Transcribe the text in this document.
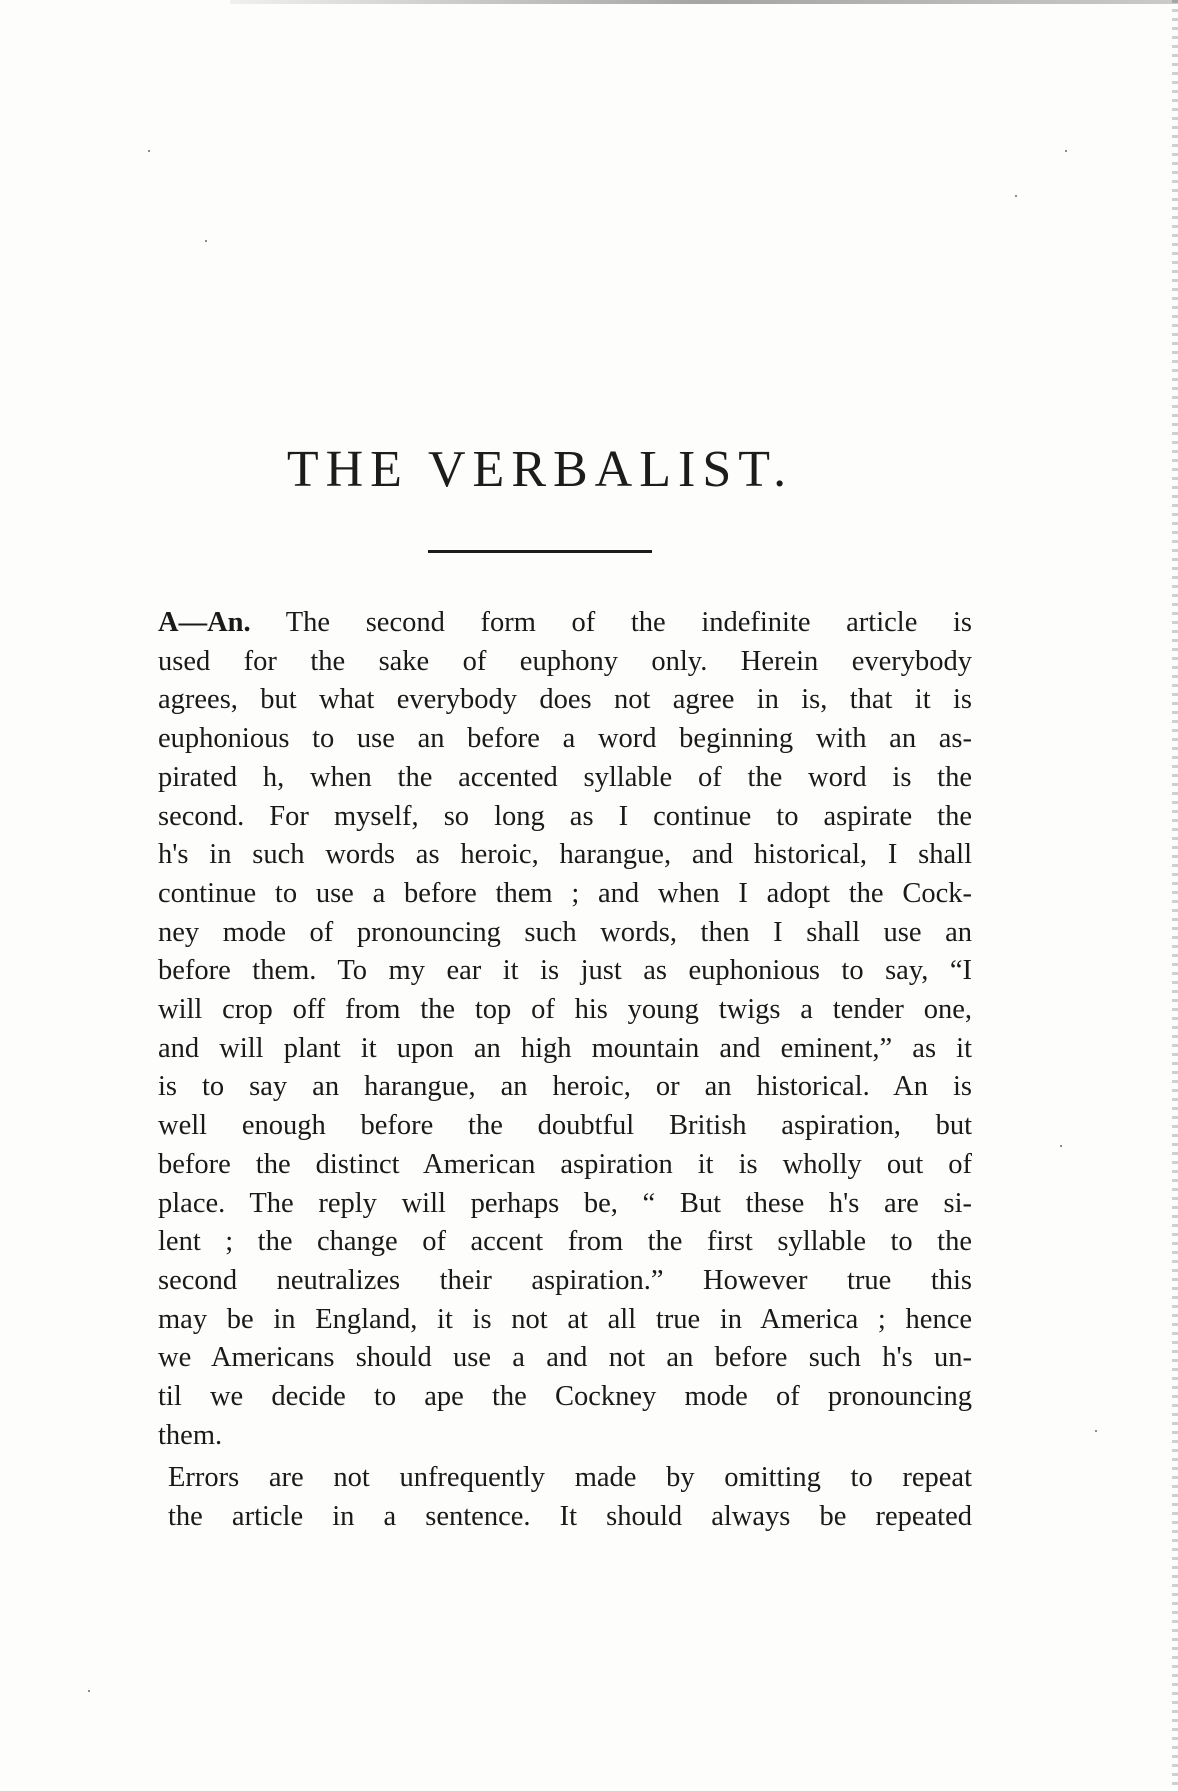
THE VERBALIST.

A—An. The second form of the indefinite article is
used for the sake of euphony only. Herein everybody
agrees, but what everybody does not agree in is, that it is
euphonious to use an before a word beginning with an as-
pirated h, when the accented syllable of the word is the
second. For myself, so long as I continue to aspirate the
h's in such words as heroic, harangue, and historical, I shall
continue to use a before them ; and when I adopt the Cock-
ney mode of pronouncing such words, then I shall use an
before them. To my ear it is just as euphonious to say, “I
will crop off from the top of his young twigs a tender one,
and will plant it upon an high mountain and eminent,” as it
is to say an harangue, an heroic, or an historical. An is
well enough before the doubtful British aspiration, but
before the distinct American aspiration it is wholly out of
place. The reply will perhaps be, “ But these h's are si-
lent ; the change of accent from the first syllable to the
second neutralizes their aspiration.” However true this
may be in England, it is not at all true in America ; hence
we Americans should use a and not an before such h's un-
til we decide to ape the Cockney mode of pronouncing
them.

Errors are not unfrequently made by omitting to repeat
the article in a sentence. It should always be repeated
